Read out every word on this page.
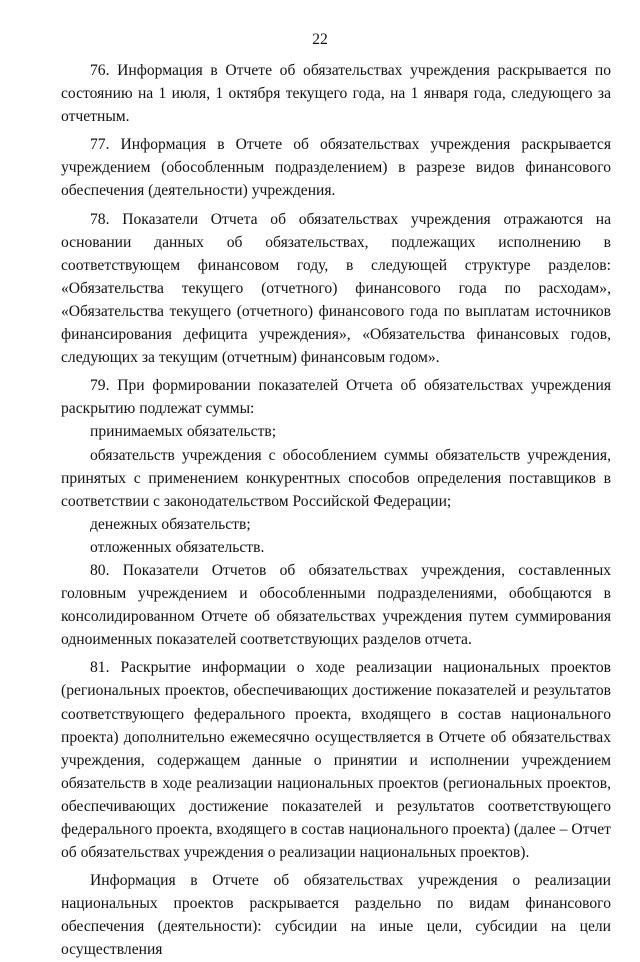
22

76. Информация в Отчете об обязательствах учреждения раскрывается по состоянию на 1 июля, 1 октября текущего года, на 1 января года, следующего за отчетным.

77. Информация в Отчете об обязательствах учреждения раскрывается учреждением (обособленным подразделением) в разрезе видов финансового обеспечения (деятельности) учреждения.

78. Показатели Отчета об обязательствах учреждения отражаются на основании данных об обязательствах, подлежащих исполнению в соответствующем финансовом году, в следующей структуре разделов: «Обязательства текущего (отчетного) финансового года по расходам», «Обязательства текущего (отчетного) финансового года по выплатам источников финансирования дефицита учреждения», «Обязательства финансовых годов, следующих за текущим (отчетным) финансовым годом».

79. При формировании показателей Отчета об обязательствах учреждения раскрытию подлежат суммы:

принимаемых обязательств;

обязательств учреждения с обособлением суммы обязательств учреждения, принятых с применением конкурентных способов определения поставщиков в соответствии с законодательством Российской Федерации;

денежных обязательств;

отложенных обязательств.

80. Показатели Отчетов об обязательствах учреждения, составленных головным учреждением и обособленными подразделениями, обобщаются в консолидированном Отчете об обязательствах учреждения путем суммирования одноименных показателей соответствующих разделов отчета.

81. Раскрытие информации о ходе реализации национальных проектов (региональных проектов, обеспечивающих достижение показателей и результатов соответствующего федерального проекта, входящего в состав национального проекта) дополнительно ежемесячно осуществляется в Отчете об обязательствах учреждения, содержащем данные о принятии и исполнении учреждением обязательств в ходе реализации национальных проектов (региональных проектов, обеспечивающих достижение показателей и результатов соответствующего федерального проекта, входящего в состав национального проекта) (далее – Отчет об обязательствах учреждения о реализации национальных проектов).

Информация в Отчете об обязательствах учреждения о реализации национальных проектов раскрывается раздельно по видам финансового обеспечения (деятельности): субсидии на иные цели, субсидии на цели осуществления
